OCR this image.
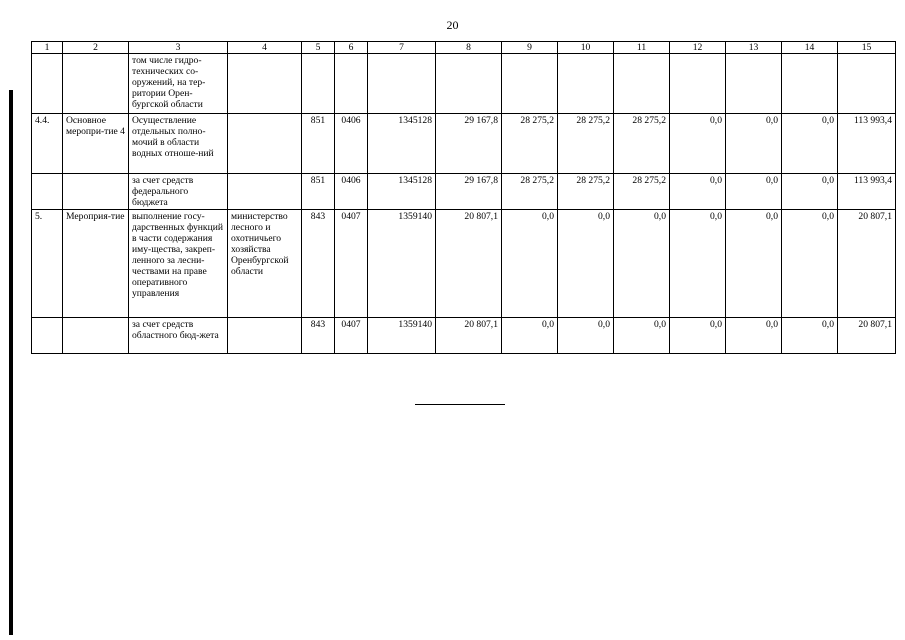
20
1	2	3	4	5	6	7	8	9	10	11	12	13	14	15
		том числе гидро-технических со-оружений, на тер-ритории Орен-бургской области												
4.4.	Основное меропри-тие 4	Осуществление отдельных полно-мочий в области водных отноше-ний		851	0406	1345128	29 167,8	28 275,2	28 275,2	28 275,2	0,0	0,0	0,0	113 993,4
		за счет средств федерального бюджета		851	0406	1345128	29 167,8	28 275,2	28 275,2	28 275,2	0,0	0,0	0,0	113 993,4
5.	Мероприя-тие	выполнение госу-дарственных функций в части содержания иму-щества, закреп-ленного за лесни-чествами на праве оперативного управления	министерство лесного и охотничьего хозяйства Оренбургской области	843	0407	1359140	20 807,1	0,0	0,0	0,0	0,0	0,0	0,0	20 807,1
		за счет средств областного бюд-жета		843	0407	1359140	20 807,1	0,0	0,0	0,0	0,0	0,0	0,0	20 807,1
